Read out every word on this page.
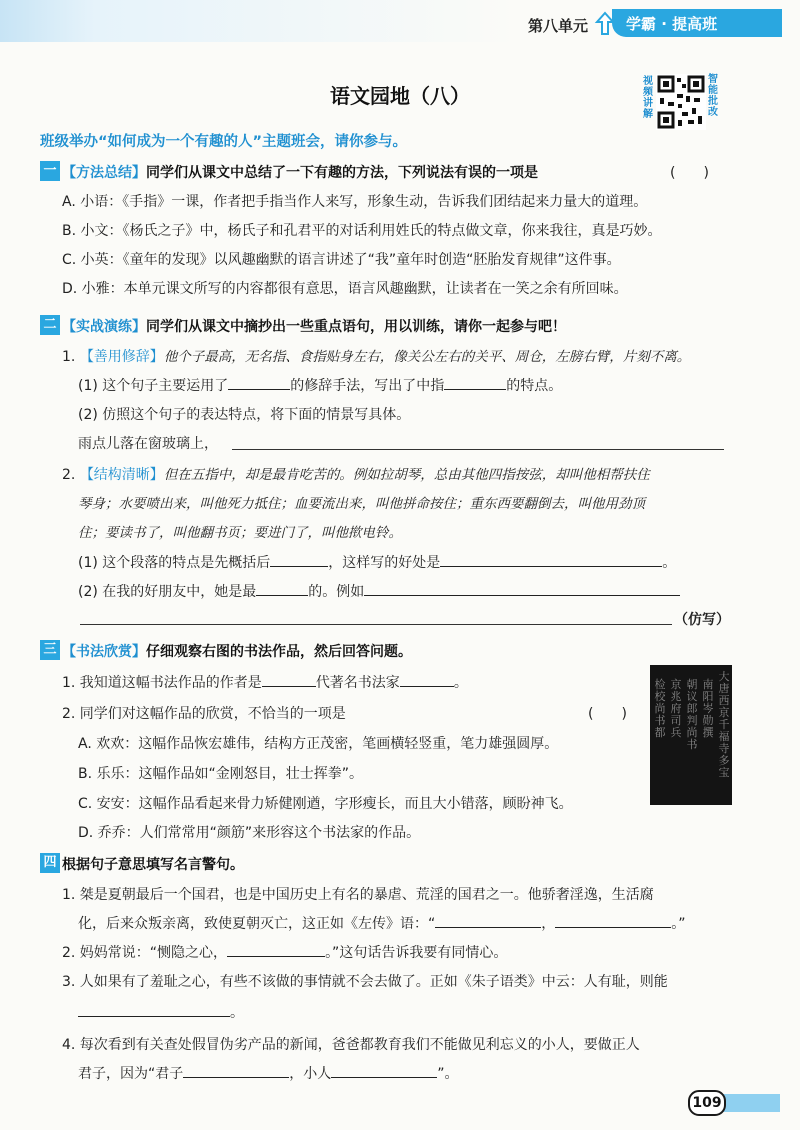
第八单元	学霸 · 提高班
语文园地（八）
视频讲解
智能批改
班级举办“如何成为一个有趣的人”主题班会，请你参与。
一 【方法总结】 同学们从课文中总结了一下有趣的方法，下列说法有误的一项是	(　　)
A. 小语：《手指》一课，作者把手指当作人来写，形象生动，告诉我们团结起来力量大的道理。
B. 小文：《杨氏之子》中，杨氏子和孔君平的对话利用姓氏的特点做文章，你来我往，真是巧妙。
C. 小英：《童年的发现》以风趣幽默的语言讲述了“我”童年时创造“胚胎发育规律”这件事。
D. 小雅：本单元课文所写的内容都很有意思，语言风趣幽默，让读者在一笑之余有所回味。
二 【实战演练】 同学们从课文中摘抄出一些重点语句，用以训练，请你一起参与吧！
1. 【善用修辞】他个子最高，无名指、食指贴身左右，像关公左右的关平、周仓，左膀右臂，片刻不离。
(1) 这个句子主要运用了	的修辞手法，写出了中指	的特点。
(2) 仿照这个句子的表达特点，将下面的情景写具体。
雨点儿落在窗玻璃上，
2. 【结构清晰】但在五指中，却是最肯吃苦的。例如拉胡琴，总由其他四指按弦，却叫他相帮扶住
琴身；水要喷出来，叫他死力抵住；血要流出来，叫他拼命按住；重东西要翻倒去，叫他用劲顶
住；要读书了，叫他翻书页；要进门了，叫他揿电铃。
(1) 这个段落的特点是先概括后	，这样写的好处是	。
(2) 在我的好朋友中，她是最	的。例如
（仿写）
三 【书法欣赏】 仔细观察右图的书法作品，然后回答问题。
1. 我知道这幅书法作品的作者是	代著名书法家	。
2. 同学们对这幅作品的欣赏，不恰当的一项是	(　　)
A. 欢欢：这幅作品恢宏雄伟，结构方正茂密，笔画横轻竖重，笔力雄强圆厚。
B. 乐乐：这幅作品如“金刚怒目，壮士挥拳”。
C. 安安：这幅作品看起来骨力矫健刚遒，字形瘦长，而且大小错落，顾盼神飞。
D. 乔乔：人们常常用“颜筋”来形容这个书法家的作品。
大唐西京千福寺多宝
南阳岑勋撰
朝议郎判尚书
京兆府司兵
检校尚书都
四 根据句子意思填写名言警句。
1. 桀是夏朝最后一个国君，也是中国历史上有名的暴虐、荒淫的国君之一。他骄奢淫逸，生活腐
化，后来众叛亲离，致使夏朝灭亡，这正如《左传》语：“	，	。”
2. 妈妈常说：“恻隐之心，	。”这句话告诉我要有同情心。
3. 人如果有了羞耻之心，有些不该做的事情就不会去做了。正如《朱子语类》中云：人有耻，则能
。
4. 每次看到有关查处假冒伪劣产品的新闻，爸爸都教育我们不能做见利忘义的小人，要做正人
君子，因为“君子	，小人	”。
109
